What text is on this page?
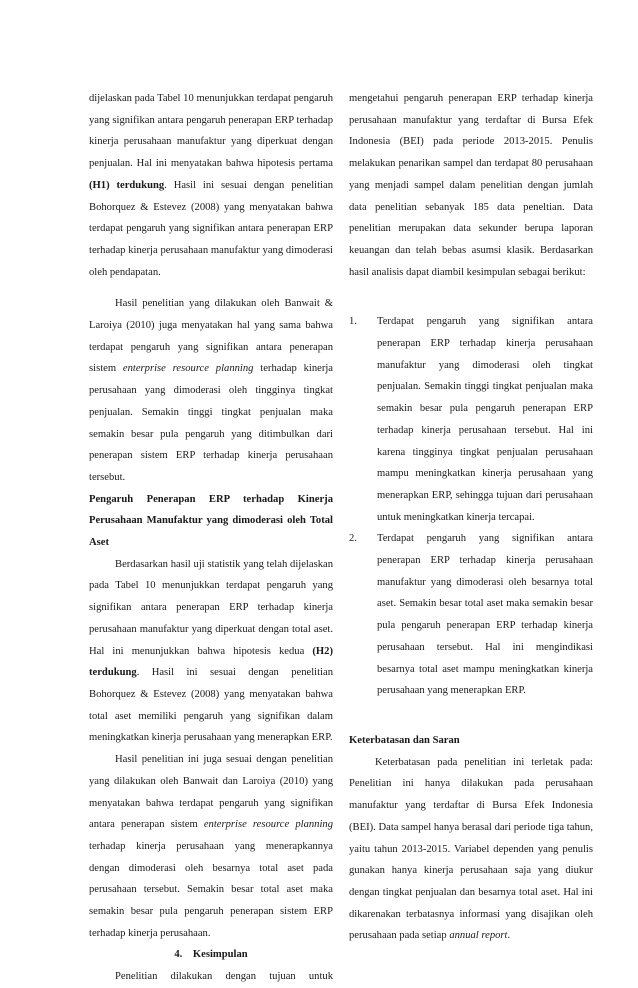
dijelaskan pada Tabel 10 menunjukkan terdapat pengaruh yang signifikan antara pengaruh penerapan ERP terhadap kinerja perusahaan manufaktur yang diperkuat dengan penjualan. Hal ini menyatakan bahwa hipotesis pertama (H1) terdukung. Hasil ini sesuai dengan penelitian Bohorquez & Estevez (2008) yang menyatakan bahwa terdapat pengaruh yang signifikan antara penerapan ERP terhadap kinerja perusahaan manufaktur yang dimoderasi oleh pendapatan.

Hasil penelitian yang dilakukan oleh Banwait & Laroiya (2010) juga menyatakan hal yang sama bahwa terdapat pengaruh yang signifikan antara penerapan sistem enterprise resource planning terhadap kinerja perusahaan yang dimoderasi oleh tingginya tingkat penjualan. Semakin tinggi tingkat penjualan maka semakin besar pula pengaruh yang ditimbulkan dari penerapan sistem ERP terhadap kinerja perusahaan tersebut.

Pengaruh Penerapan ERP terhadap Kinerja Perusahaan Manufaktur yang dimoderasi oleh Total Aset

Berdasarkan hasil uji statistik yang telah dijelaskan pada Tabel 10 menunjukkan terdapat pengaruh yang signifikan antara penerapan ERP terhadap kinerja perusahaan manufaktur yang diperkuat dengan total aset. Hal ini menunjukkan bahwa hipotesis kedua (H2) terdukung. Hasil ini sesuai dengan penelitian Bohorquez & Estevez (2008) yang menyatakan bahwa total aset memiliki pengaruh yang signifikan dalam meningkatkan kinerja perusahaan yang menerapkan ERP.

Hasil penelitian ini juga sesuai dengan penelitian yang dilakukan oleh Banwait dan Laroiya (2010) yang menyatakan bahwa terdapat pengaruh yang signifikan antara penerapan sistem enterprise resource planning terhadap kinerja perusahaan yang menerapkannya dengan dimoderasi oleh besarnya total aset pada perusahaan tersebut. Semakin besar total aset maka semakin besar pula pengaruh penerapan sistem ERP terhadap kinerja perusahaan.

4.    Kesimpulan

Penelitian dilakukan dengan tujuan untuk

mengetahui pengaruh penerapan ERP terhadap kinerja perusahaan manufaktur yang terdaftar di Bursa Efek Indonesia (BEI) pada periode 2013-2015. Penulis melakukan penarikan sampel dan terdapat 80 perusahaan yang menjadi sampel dalam penelitian dengan jumlah data penelitian sebanyak 185 data peneltian. Data penelitian merupakan data sekunder berupa laporan keuangan dan telah bebas asumsi klasik. Berdasarkan hasil analisis dapat diambil kesimpulan sebagai berikut:

1. Terdapat pengaruh yang signifikan antara penerapan ERP terhadap kinerja perusahaan manufaktur yang dimoderasi oleh tingkat penjualan. Semakin tinggi tingkat penjualan maka semakin besar pula pengaruh penerapan ERP terhadap kinerja perusahaan tersebut. Hal ini karena tingginya tingkat penjualan perusahaan mampu meningkatkan kinerja perusahaan yang menerapkan ERP, sehingga tujuan dari perusahaan untuk meningkatkan kinerja tercapai.
2. Terdapat pengaruh yang signifikan antara penerapan ERP terhadap kinerja perusahaan manufaktur yang dimoderasi oleh besarnya total aset. Semakin besar total aset maka semakin besar pula pengaruh penerapan ERP terhadap kinerja perusahaan tersebut. Hal ini mengindikasi besarnya total aset mampu meningkatkan kinerja perusahaan yang menerapkan ERP.

Keterbatasan dan Saran

Keterbatasan pada penelitian ini terletak pada: Penelitian ini hanya dilakukan pada perusahaan manufaktur yang terdaftar di Bursa Efek Indonesia (BEI). Data sampel hanya berasal dari periode tiga tahun, yaitu tahun 2013-2015. Variabel dependen yang penulis gunakan hanya kinerja perusahaan saja yang diukur dengan tingkat penjualan dan besarnya total aset. Hal ini dikarenakan terbatasnya informasi yang disajikan oleh perusahaan pada setiap annual report.
